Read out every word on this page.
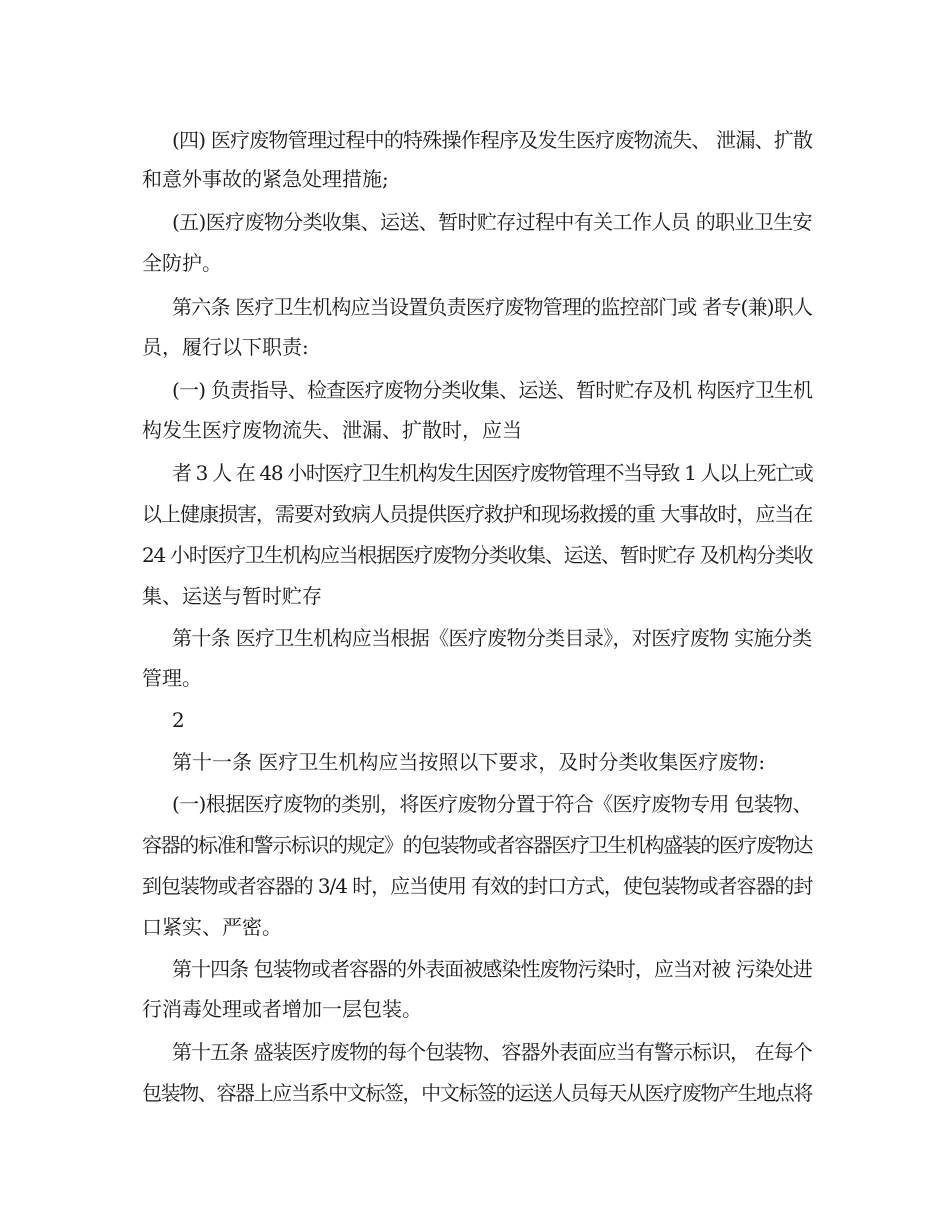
(四) 医疗废物管理过程中的特殊操作程序及发生医疗废物流失、 泄漏、扩散
和意外事故的紧急处理措施;
(五)医疗废物分类收集、运送、暂时贮存过程中有关工作人员 的职业卫生安
全防护。
第六条 医疗卫生机构应当设置负责医疗废物管理的监控部门或 者专(兼)职人
员，履行以下职责:
(一) 负责指导、检查医疗废物分类收集、运送、暂时贮存及机 构医疗卫生机
构发生医疗废物流失、泄漏、扩散时，应当
者 3 人 在 48 小时医疗卫生机构发生因医疗废物管理不当导致 1 人以上死亡或
以上健康损害，需要对致病人员提供医疗救护和现场救援的重 大事故时，应当在
24 小时医疗卫生机构应当根据医疗废物分类收集、运送、暂时贮存 及机构分类收
集、运送与暂时贮存
第十条 医疗卫生机构应当根据《医疗废物分类目录》，对医疗废物 实施分类
管理。
2
第十一条 医疗卫生机构应当按照以下要求，及时分类收集医疗废物:
(一)根据医疗废物的类别，将医疗废物分置于符合《医疗废物专用 包装物、
容器的标准和警示标识的规定》的包装物或者容器医疗卫生机构盛装的医疗废物达
到包装物或者容器的 3/4 时，应当使用 有效的封口方式，使包装物或者容器的封
口紧实、严密。
第十四条 包装物或者容器的外表面被感染性废物污染时，应当对被 污染处进
行消毒处理或者增加一层包装。
第十五条 盛装医疗废物的每个包装物、容器外表面应当有警示标识， 在每个
包装物、容器上应当系中文标签，中文标签的运送人员每天从医疗废物产生地点将
